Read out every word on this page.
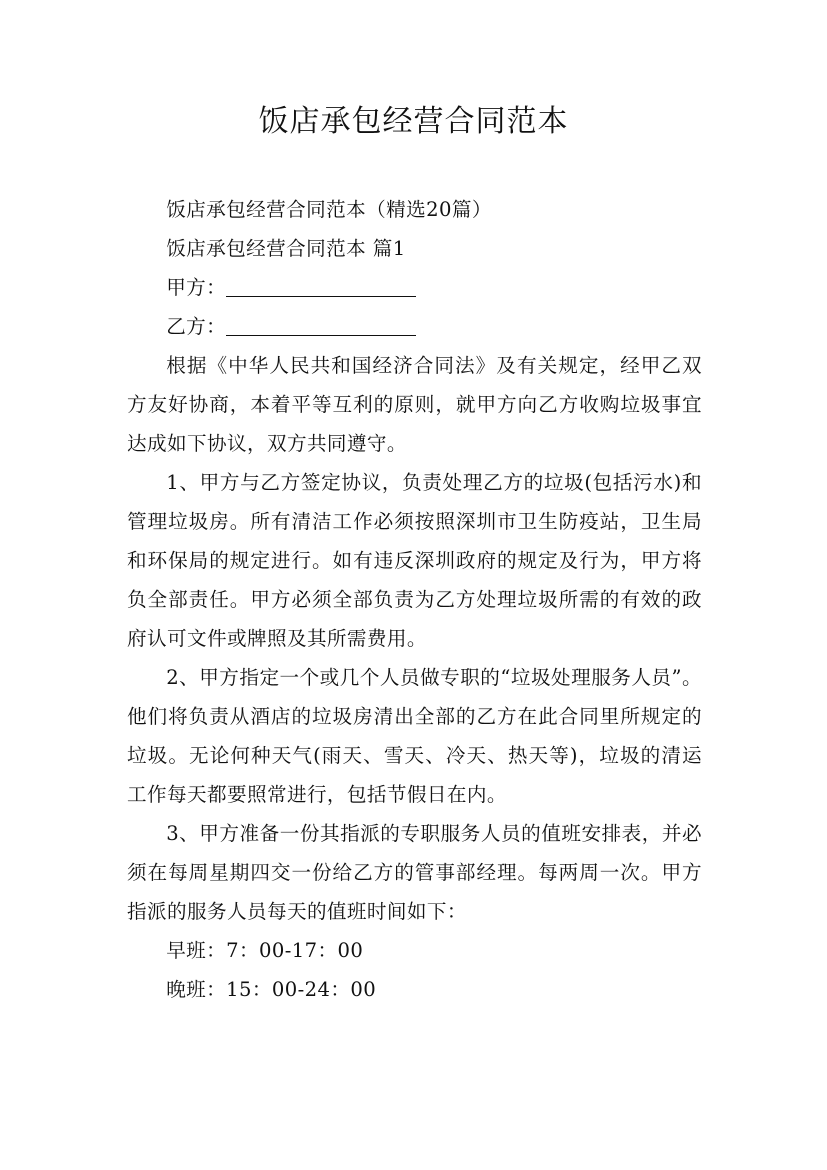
饭店承包经营合同范本

饭店承包经营合同范本（精选20篇）

饭店承包经营合同范本 篇1

甲方：

乙方：

根据《中华人民共和国经济合同法》及有关规定，经甲乙双方友好协商，本着平等互利的原则，就甲方向乙方收购垃圾事宜达成如下协议，双方共同遵守。

1、甲方与乙方签定协议，负责处理乙方的垃圾(包括污水)和管理垃圾房。所有清洁工作必须按照深圳市卫生防疫站，卫生局和环保局的规定进行。如有违反深圳政府的规定及行为，甲方将负全部责任。甲方必须全部负责为乙方处理垃圾所需的有效的政府认可文件或牌照及其所需费用。

2、甲方指定一个或几个人员做专职的“垃圾处理服务人员”。他们将负责从酒店的垃圾房清出全部的乙方在此合同里所规定的垃圾。无论何种天气(雨天、雪天、冷天、热天等)，垃圾的清运工作每天都要照常进行，包括节假日在内。

3、甲方准备一份其指派的专职服务人员的值班安排表，并必须在每周星期四交一份给乙方的管事部经理。每两周一次。甲方指派的服务人员每天的值班时间如下：

早班：7：00-17：00

晚班：15：00-24：00
